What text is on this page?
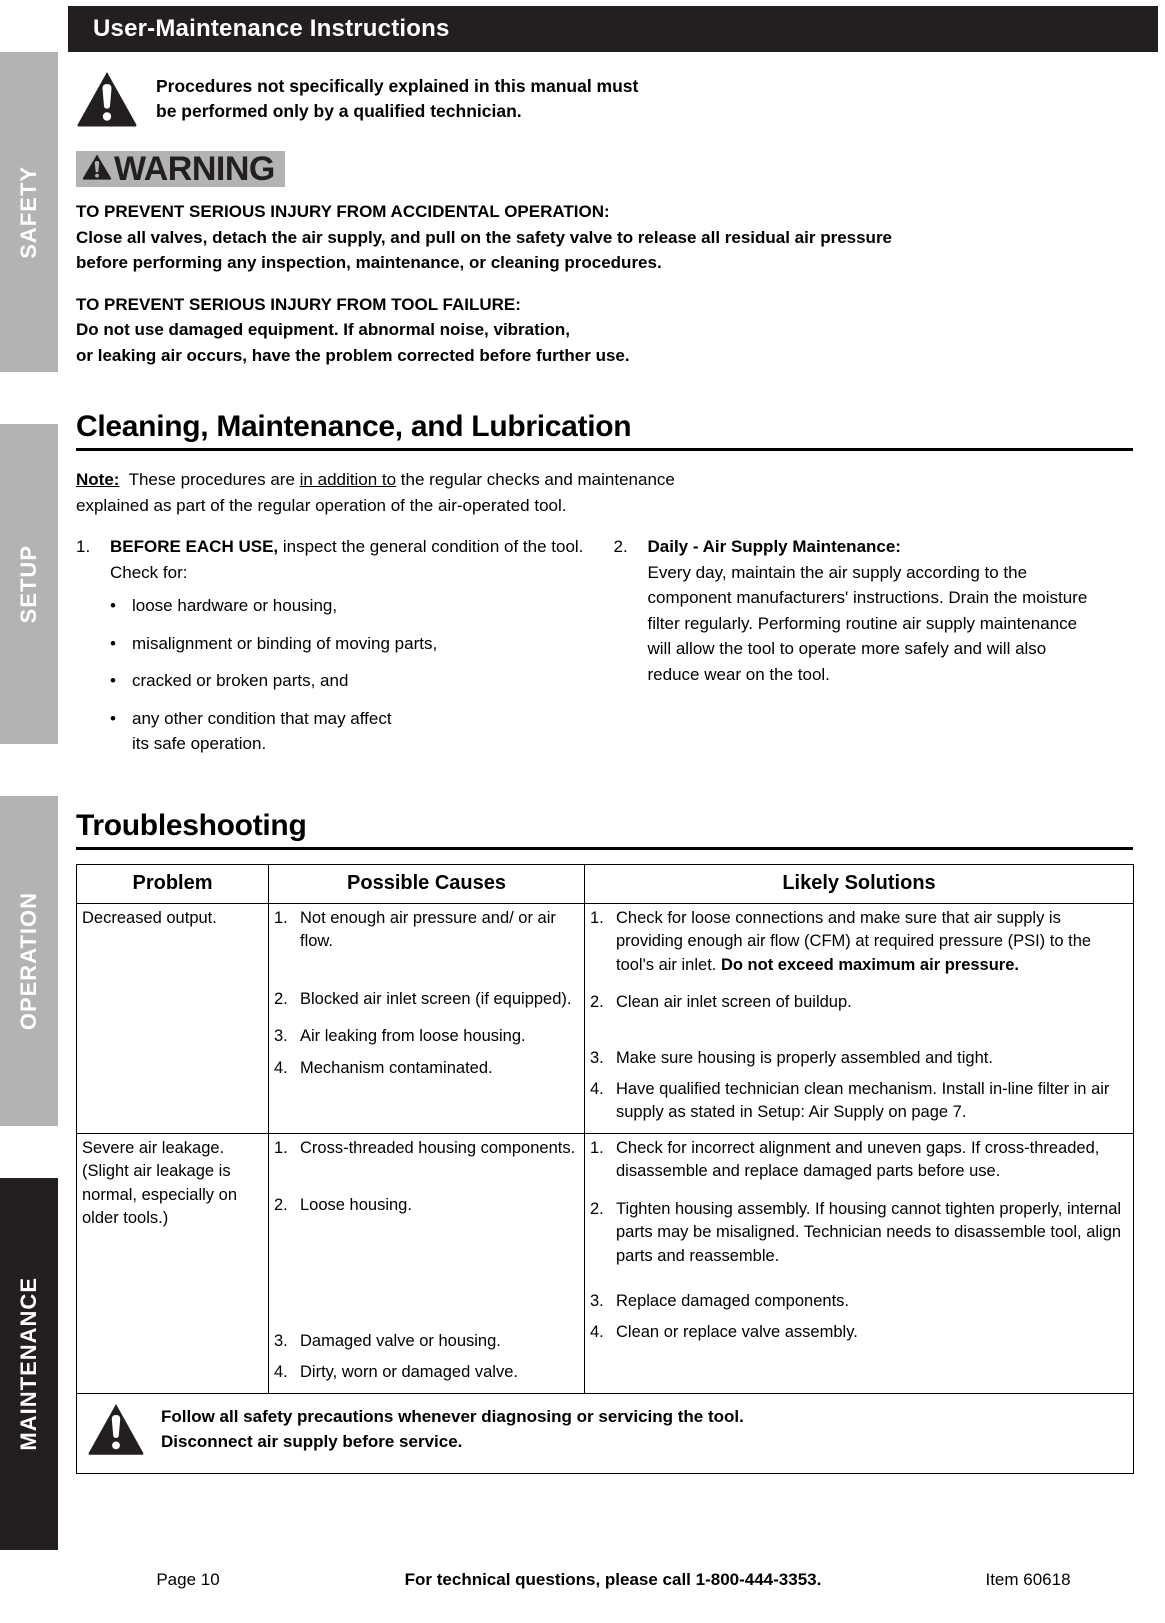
SAFETY
SETUP
OPERATION
MAINTENANCE
User-Maintenance Instructions
Procedures not specifically explained in this manual must
be performed only by a qualified technician.
WARNING
TO PREVENT SERIOUS INJURY FROM ACCIDENTAL OPERATION:
Close all valves, detach the air supply, and pull on the safety valve to release all residual air pressure
before performing any inspection, maintenance, or cleaning procedures.
TO PREVENT SERIOUS INJURY FROM TOOL FAILURE:
Do not use damaged equipment. If abnormal noise, vibration,
or leaking air occurs, have the problem corrected before further use.
Cleaning, Maintenance, and Lubrication
Note: These procedures are in addition to the regular checks and maintenance
explained as part of the regular operation of the air-operated tool.
1.	BEFORE EACH USE, inspect the general condition of the tool. Check for:
• loose hardware or housing,
• misalignment or binding of moving parts,
• cracked or broken parts, and
• any other condition that may affect its safe operation.
2.	Daily - Air Supply Maintenance:
Every day, maintain the air supply according to the component manufacturers' instructions. Drain the moisture filter regularly. Performing routine air supply maintenance will allow the tool to operate more safely and will also reduce wear on the tool.
Troubleshooting
Problem	Possible Causes	Likely Solutions
Decreased output.	1. Not enough air pressure and/ or air flow.
2. Blocked air inlet screen (if equipped).
3. Air leaking from loose housing.
4. Mechanism contaminated.

1. Check for loose connections and make sure that air supply is providing enough air flow (CFM) at required pressure (PSI) to the tool's air inlet. Do not exceed maximum air pressure.
2. Clean air inlet screen of buildup.
3. Make sure housing is properly assembled and tight.
4. Have qualified technician clean mechanism. Install in-line filter in air supply as stated in Setup: Air Supply on page 7.

Severe air leakage. (Slight air leakage is normal, especially on older tools.)	
1. Cross-threaded housing components.
2. Loose housing.
3. Damaged valve or housing.
4. Dirty, worn or damaged valve.

1. Check for incorrect alignment and uneven gaps. If cross-threaded, disassemble and replace damaged parts before use.
2. Tighten housing assembly. If housing cannot tighten properly, internal parts may be misaligned. Technician needs to disassemble tool, align parts and reassemble.
3. Replace damaged components.
4. Clean or replace valve assembly.

Follow all safety precautions whenever diagnosing or servicing the tool.
Disconnect air supply before service.		
Page 10	For technical questions, please call 1-800-444-3353.	Item 60618
